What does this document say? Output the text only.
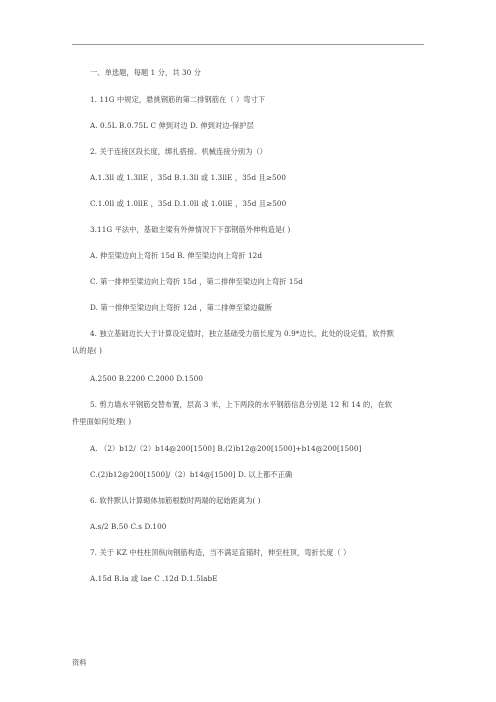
一、单选题，每题 1 分，共 30 分
1. 11G 中规定，悬挑钢筋的第二排钢筋在（ ）弯寸下
A. 0.5L B.0.75L C 伸到对边 D. 伸到对边-保护层
2. 关于连接区段长度，绑扎搭接、机械连接分别为（）
A.1.3ll 或 1.3llE ，35d B.1.3ll 或 1.3llE ，35d 且≥500
C.1.0ll 或 1.0llE ，35d D.1.0ll 或 1.0llE ，35d 且≥500
3.11G 平法中，基础主梁有外伸情况下下部钢筋外伸构造是( )
A. 伸至梁边向上弯折 15d B. 伸至梁边向上弯折 12d
C. 第一排伸至梁边向上弯折 15d ，第二排伸至梁边向上弯折 15d
D. 第一排伸至梁边向上弯折 12d ，第二排伸至梁边截断
4. 独立基础边长大于计算设定值时，独立基础受力筋长度为 0.9*边长，此处的设定值，软件默
认的是( )
A.2500 B.2200 C.2000 D.1500
5. 剪力墙水平钢筋交替布置，层高 3 米，上下两段的水平钢筋信息分别是 12 和 14 的，在软
件里面如何处理( )
A. （2）b12/（2）b14@200[1500] B.(2)b12@200[1500]+b14@200[1500]
C.(2)b12@200[1500]/（2）b14@[1500] D. 以上都不正确
6. 软件默认计算砌体加筋根数时两端的起始距离为( )
A.s/2 B.50 C.s D.100
7. 关于 KZ 中柱柱顶纵向钢筋构造，当不满足直锚时，伸至柱顶，弯折长度（ ）
A.15d B.la 或 lae C .12d D.1.5labE
资料
